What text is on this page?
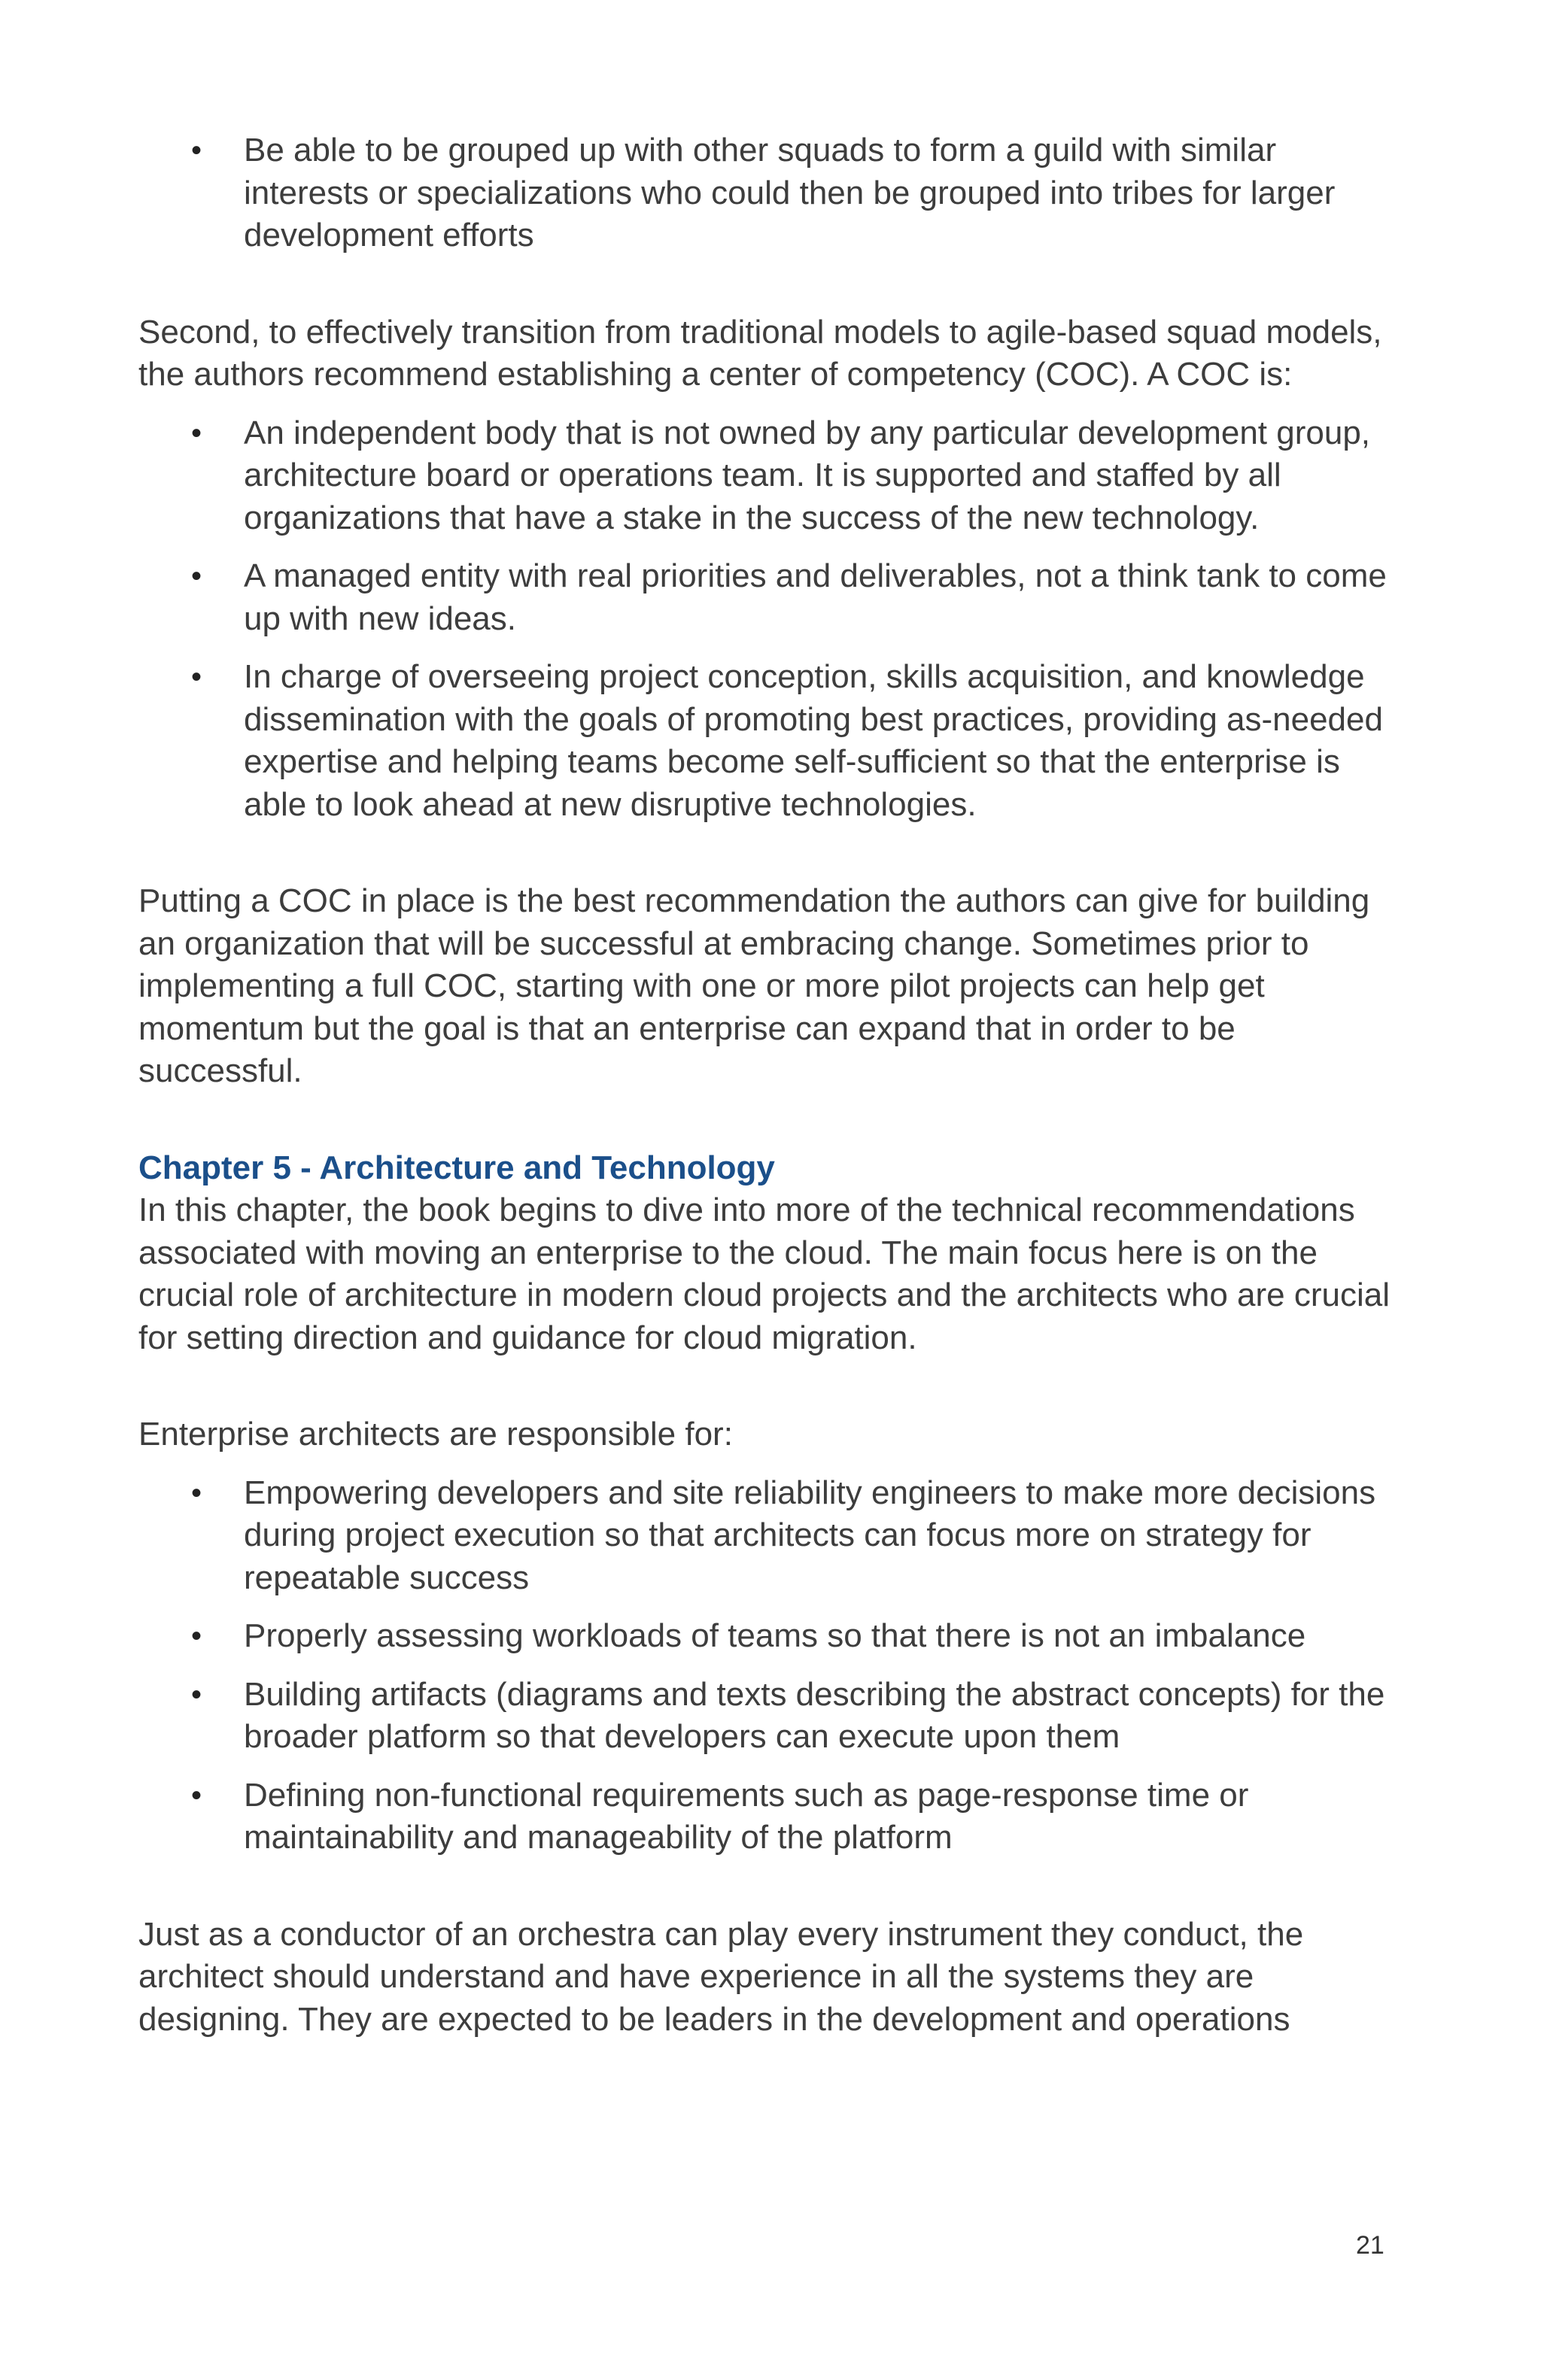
• Be able to be grouped up with other squads to form a guild with similar interests or specializations who could then be grouped into tribes for larger development efforts

Second, to effectively transition from traditional models to agile-based squad models, the authors recommend establishing a center of competency (COC). A COC is:

• An independent body that is not owned by any particular development group, architecture board or operations team. It is supported and staffed by all organizations that have a stake in the success of the new technology.
• A managed entity with real priorities and deliverables, not a think tank to come up with new ideas.
• In charge of overseeing project conception, skills acquisition, and knowledge dissemination with the goals of promoting best practices, providing as-needed expertise and helping teams become self-sufficient so that the enterprise is able to look ahead at new disruptive technologies.

Putting a COC in place is the best recommendation the authors can give for building an organization that will be successful at embracing change. Sometimes prior to implementing a full COC, starting with one or more pilot projects can help get momentum but the goal is that an enterprise can expand that in order to be successful.

Chapter 5 - Architecture and Technology

In this chapter, the book begins to dive into more of the technical recommendations associated with moving an enterprise to the cloud. The main focus here is on the crucial role of architecture in modern cloud projects and the architects who are crucial for setting direction and guidance for cloud migration.

Enterprise architects are responsible for:

• Empowering developers and site reliability engineers to make more decisions during project execution so that architects can focus more on strategy for repeatable success
• Properly assessing workloads of teams so that there is not an imbalance
• Building artifacts (diagrams and texts describing the abstract concepts) for the broader platform so that developers can execute upon them
• Defining non-functional requirements such as page-response time or maintainability and manageability of the platform

Just as a conductor of an orchestra can play every instrument they conduct, the architect should understand and have experience in all the systems they are designing. They are expected to be leaders in the development and operations

21
